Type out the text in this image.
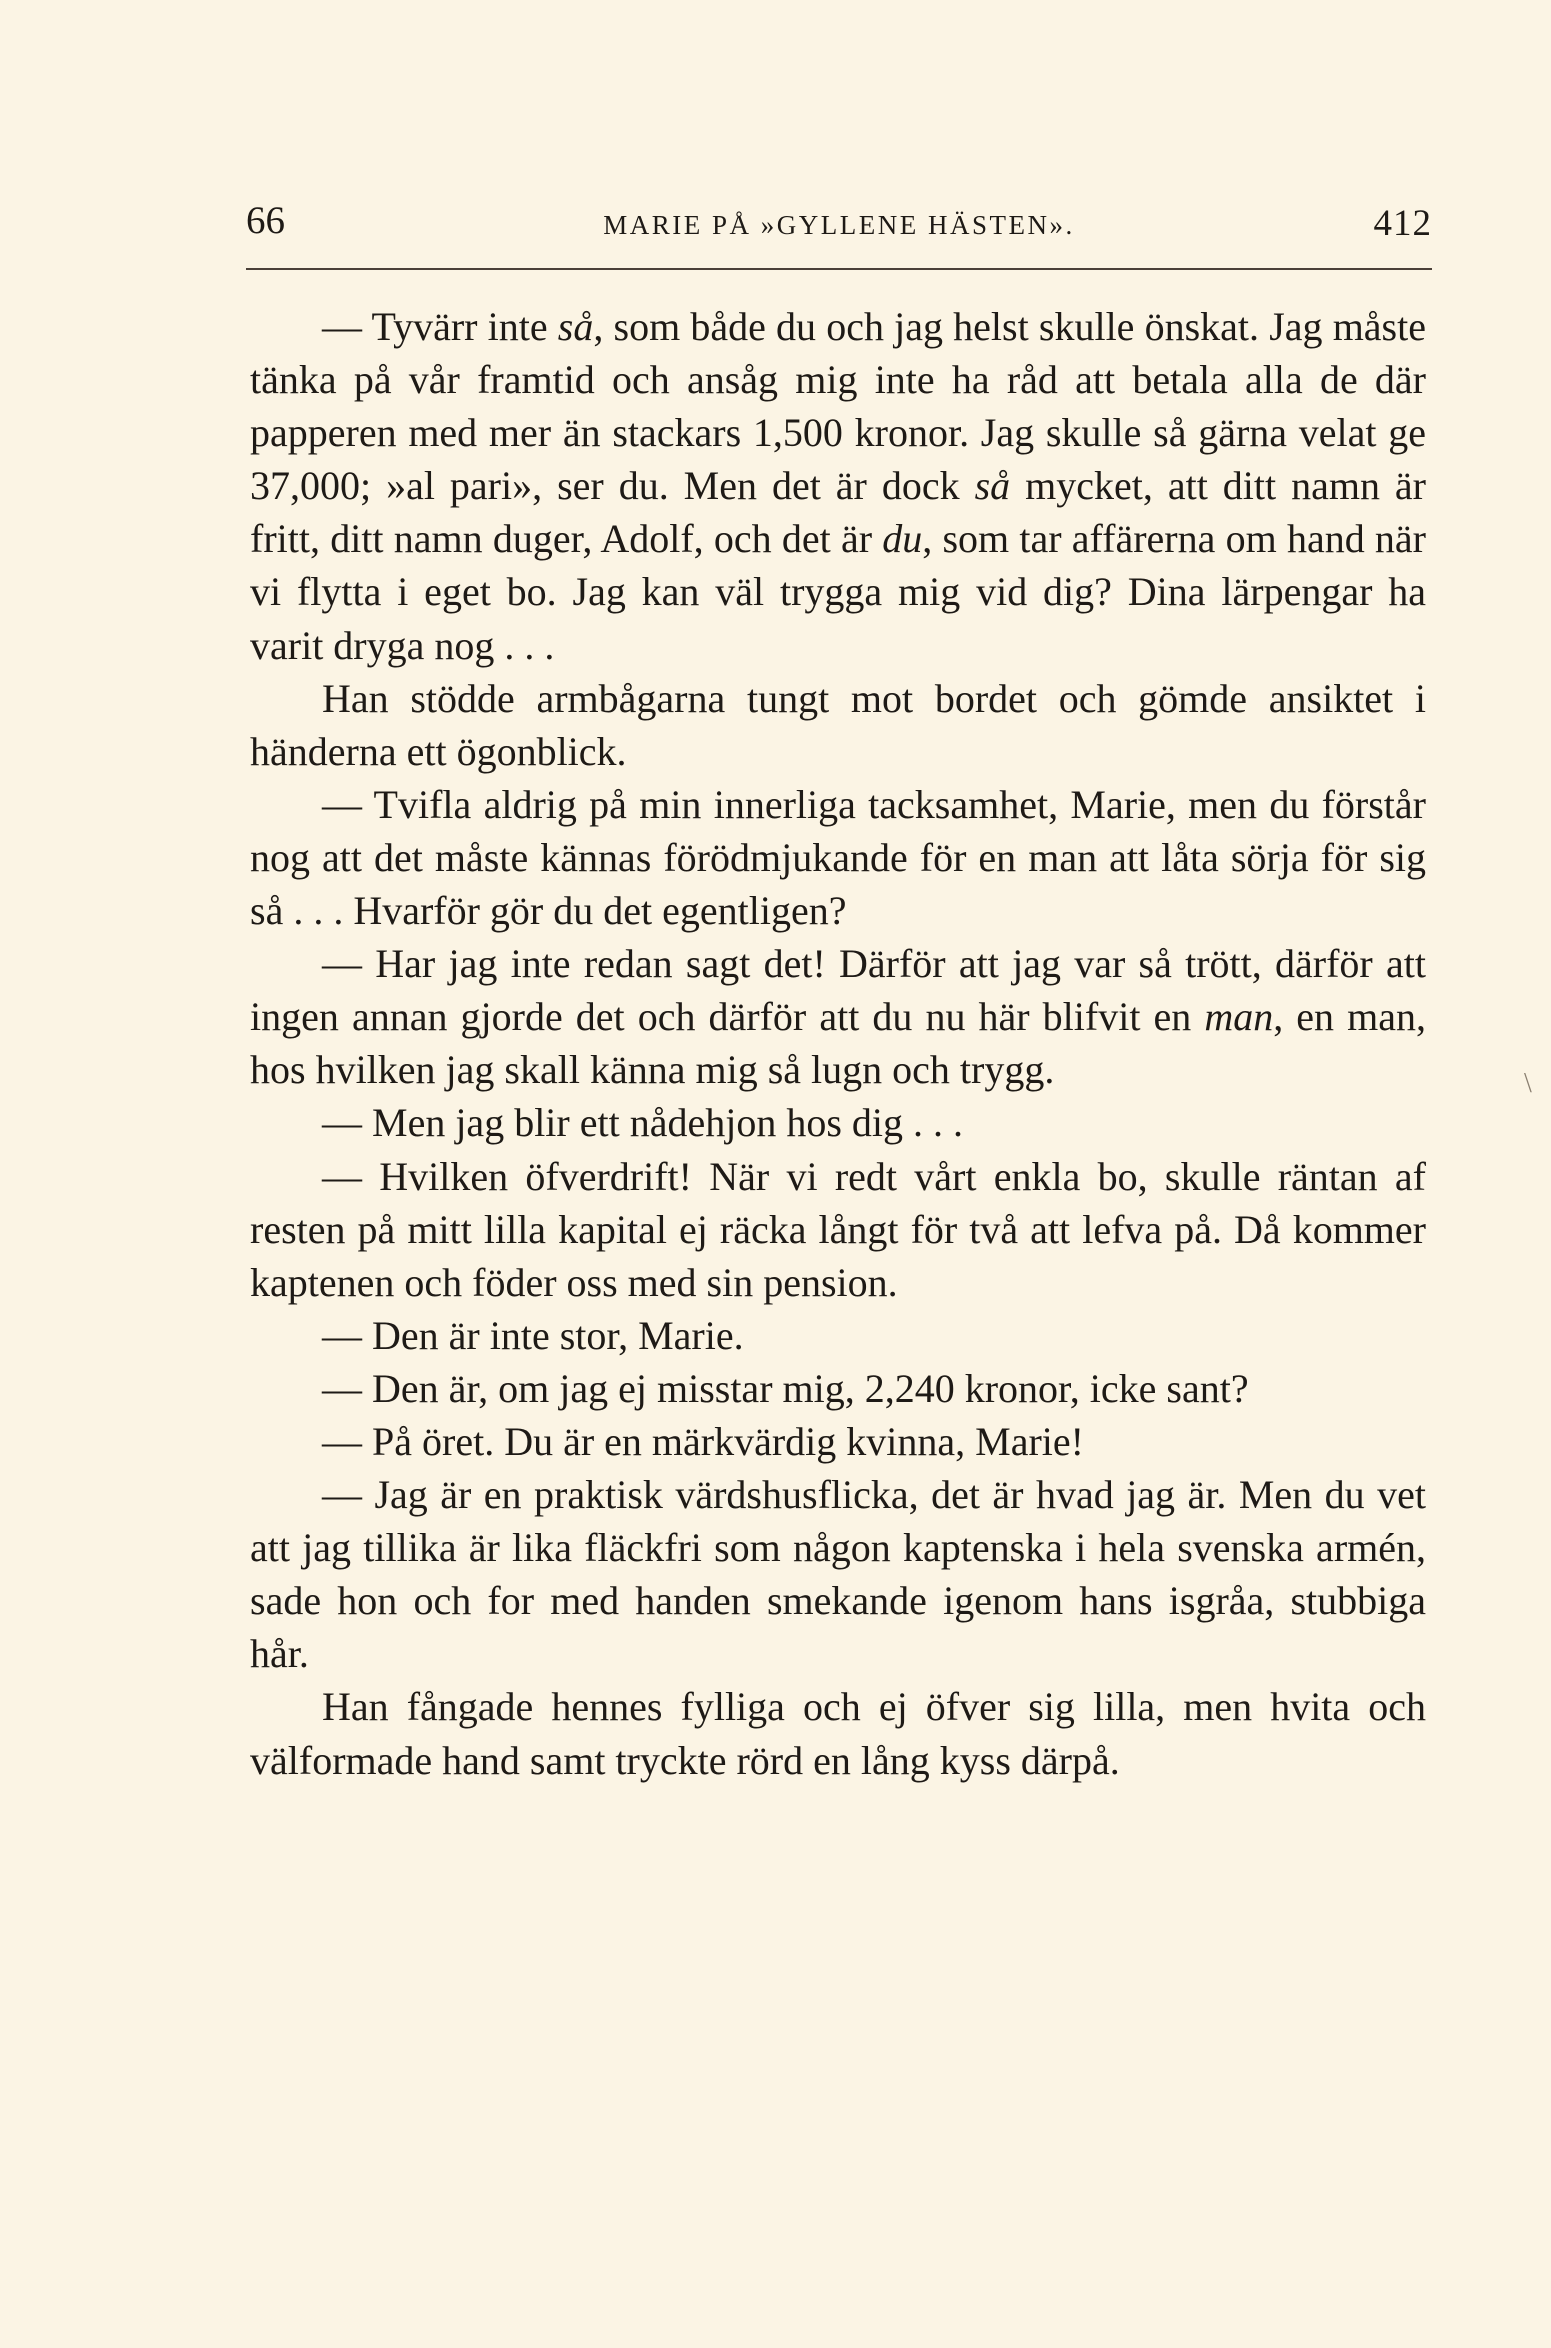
66	MARIE PÅ »GYLLENE HÄSTEN».	412

— Tyvärr inte så, som både du och jag helst skulle önskat. Jag måste tänka på vår framtid och ansåg mig inte ha råd att betala alla de där papperen med mer än stackars 1,500 kronor. Jag skulle så gärna velat ge 37,000; »al pari», ser du. Men det är dock så mycket, att ditt namn är fritt, ditt namn duger, Adolf, och det är du, som tar affärerna om hand när vi flytta i eget bo. Jag kan väl trygga mig vid dig? Dina lärpengar ha varit dryga nog . . .

Han stödde armbågarna tungt mot bordet och gömde ansiktet i händerna ett ögonblick.

— Tvifla aldrig på min innerliga tacksamhet, Marie, men du förstår nog att det måste kännas förödmjukande för en man att låta sörja för sig så . . . Hvarför gör du det egentligen?

— Har jag inte redan sagt det! Därför att jag var så trött, därför att ingen annan gjorde det och därför att du nu här blifvit en man, en man, hos hvilken jag skall känna mig så lugn och trygg.

— Men jag blir ett nådehjon hos dig . . .

— Hvilken öfverdrift! När vi redt vårt enkla bo, skulle räntan af resten på mitt lilla kapital ej räcka långt för två att lefva på. Då kommer kaptenen och föder oss med sin pension.

— Den är inte stor, Marie.

— Den är, om jag ej misstar mig, 2,240 kronor, icke sant?

— På öret. Du är en märkvärdig kvinna, Marie!

— Jag är en praktisk värdshusflicka, det är hvad jag är. Men du vet att jag tillika är lika fläckfri som någon kaptenska i hela svenska armén, sade hon och for med handen smekande igenom hans isgråa, stubbiga hår.

Han fångade hennes fylliga och ej öfver sig lilla, men hvita och välformade hand samt tryckte rörd en lång kyss därpå.

\
